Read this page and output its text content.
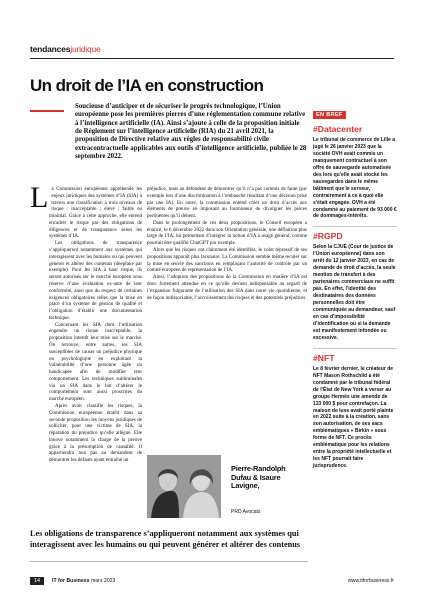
tendancesjuridique
Un droit de l’IA en construction

Soucieuse d’anticiper et de sécuriser le progrès technologique, l’Union européenne pose les premières pierres d’une réglementation commune relative à l’intelligence artificielle (IA). Ainsi s’ajoute à celle de la proposition initiale de Règlement sur l’intelligence artificielle (RIA) du 21 avril 2021, la proposition de Directive relative aux règles de responsabilité civile extracontractuelle applicables aux outils d’intelligence artificielle, publiée le 28 septembre 2022.

La Commission européenne appréhende les enjeux juridiques des systèmes d’IA (SIA) à travers une classification à trois niveaux de risque : inacceptable ; élevé ; faible ou minimal. Grâce à cette approche, elle entend encadrer le risque par des obligations de diligences et de transparence selon les systèmes d’IA.

Les obligations de transparence s’appliqueront notamment aux systèmes qui interagissent avec les humains ou qui peuvent générer et altérer des contenus (deepfake par exemple). Pour les SIA à haut risque, ils seront autorisés sur le marché européen sous réserve d’une évaluation ex-ante de leur conformité, ainsi que du respect de certaines exigences obligatoires telles que la mise en place d’un système de gestion de qualité et l’obligation d’établir une documentation technique.

Concernant les SIA dont l’utilisation engendre un risque inacceptable, la proposition interdit leur mise sur le marché. On retrouve, entre autres, les SIA susceptibles de causer un préjudice physique ou psychologique en exploitant la vulnérabilité d’une personne âgée ou handicapée afin de modifier leur comportement. Les techniques subliminales via un SIA dans le but d’altérer le comportement sont aussi proscrites du marché européen.

Après avoir classifié les risques, la Commission européenne établit dans sa seconde proposition les moyens juridiques de solliciter, pour une victime de SIA, la réparation du préjudice qu’elle allègue. Elle innove notamment la charge de la preuve grâce à la présomption de causalité. Il appartiendra non pas au demandeur de démontrer les défauts ayant entraîné un

préjudice, mais au défendeur de démontrer qu’il n’a pas commis de faute (par exemple lors d’une discrimination à l’embauche résultant d’une décision prise par une IA). En outre, la commission entend créer un droit d’accès aux éléments de preuve en imposant au fournisseur de divulguer les pièces pertinentes qu’il détient.

Dans le prolongement de ces deux propositions, le Conseil européen a énoncé, le 6 décembre 2022 dans son Orientation générale, une définition plus large de l’IA, lui permettant d’intégrer la notion d’IA à usage général, comme pourrait être qualifié ChatGPT par exemple.

Alors que les risques ont clairement été identifiés, le volet répressif de ses propositions apparaît plus lacunaire. La Commission semble même reculer sur la mise en œuvre des sanctions en remplaçant l’autorité de contrôle par un comité européen de représentation de l’IA.

Ainsi, l’adoption des propositions de la Commission en matière d’IA est donc fortement attendue en ce qu’elle devient indispensable au regard de l’expansion fulgurante de l’utilisation des SIA dans notre vie quotidienne, et de façon indissociable, l’accroissement des risques et des potentiels préjudices.

Pierre-Randolph Dufau & Isaure Lavigne,

PRD Avocats

Les obligations de transparence s’appliqueront notamment aux systèmes qui interagissent avec les humains ou qui peuvent générer et altérer des contenus

EN BREF
#Datacenter

Le tribunal de commerce de Lille a jugé le 26 janvier 2023 que la société OVH avait commis un manquement contractuel à son offre de sauvegarde automatisée des lors qu’elle avait stocké les sauvegardes dans le même bâtiment que le serveur, contrairement à ce à quoi elle s’était engagée. OVH a été condamné au paiement de 93 000 € de dommages-intérêts.

#RGPD

Selon la CJUE (Cour de justice de l’Union européenne) dans son arrêt du 12 janvier 2023, en cas de demande de droit d’accès, la seule mention de transfert à des partenaires commerciaux ne suffit pas. En effet, l’identité des destinataires des données personnelles doit être communiquée au demandeur, sauf en cas d’impossibilité d’identification ou si la demande est manifestement infondée ou excessive.

#NFT

Le 8 février dernier, le créateur de NFT Mason Rothschild a été condamné par le tribunal fédéral de l’État de New York à verser au groupe Hermès une amende de 133 000 $ pour contrefaçon. La maison de luxe avait porté plainte en 2022 suite à la création, sans son autorisation, de ses sacs emblématiques « Birkin » sous forme de NFT. Ce procès emblématique pour les relations entre la propriété intellectuelle et les NFT pourrait faire jurisprudence.

14	IT for Business mars 2023	www.itforbusiness.fr
